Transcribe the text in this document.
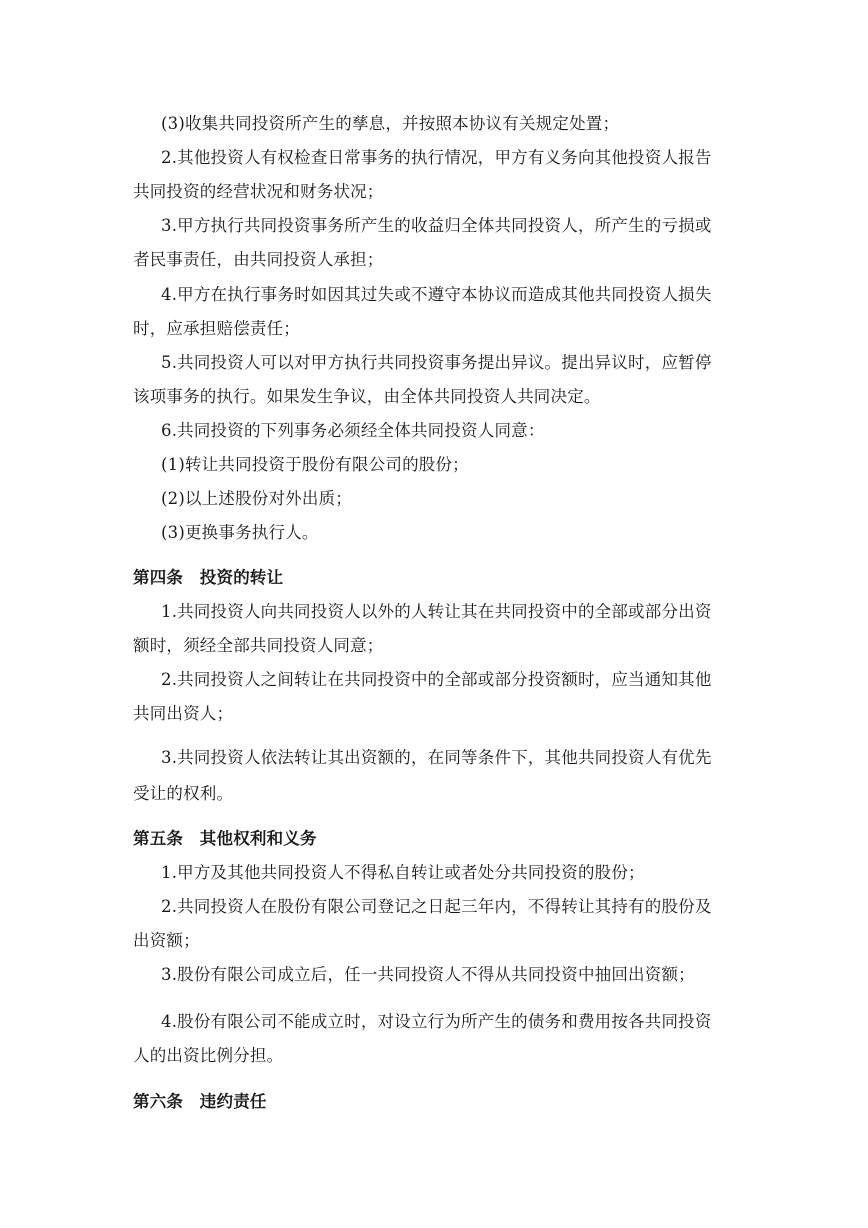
(3)收集共同投资所产生的孳息，并按照本协议有关规定处置；
2.其他投资人有权检查日常事务的执行情况，甲方有义务向其他投资人报告
共同投资的经营状况和财务状况；
3.甲方执行共同投资事务所产生的收益归全体共同投资人，所产生的亏损或
者民事责任，由共同投资人承担；
4.甲方在执行事务时如因其过失或不遵守本协议而造成其他共同投资人损失
时，应承担赔偿责任；
5.共同投资人可以对甲方执行共同投资事务提出异议。提出异议时，应暂停
该项事务的执行。如果发生争议，由全体共同投资人共同决定。
6.共同投资的下列事务必须经全体共同投资人同意：
(1)转让共同投资于股份有限公司的股份；
(2)以上述股份对外出质；
(3)更换事务执行人。
第四条　投资的转让
1.共同投资人向共同投资人以外的人转让其在共同投资中的全部或部分出资
额时，须经全部共同投资人同意；
2.共同投资人之间转让在共同投资中的全部或部分投资额时，应当通知其他
共同出资人；
3.共同投资人依法转让其出资额的，在同等条件下，其他共同投资人有优先
受让的权利。
第五条　其他权利和义务
1.甲方及其他共同投资人不得私自转让或者处分共同投资的股份；
2.共同投资人在股份有限公司登记之日起三年内，不得转让其持有的股份及
出资额；
3.股份有限公司成立后，任一共同投资人不得从共同投资中抽回出资额；
4.股份有限公司不能成立时，对设立行为所产生的债务和费用按各共同投资
人的出资比例分担。
第六条　违约责任
